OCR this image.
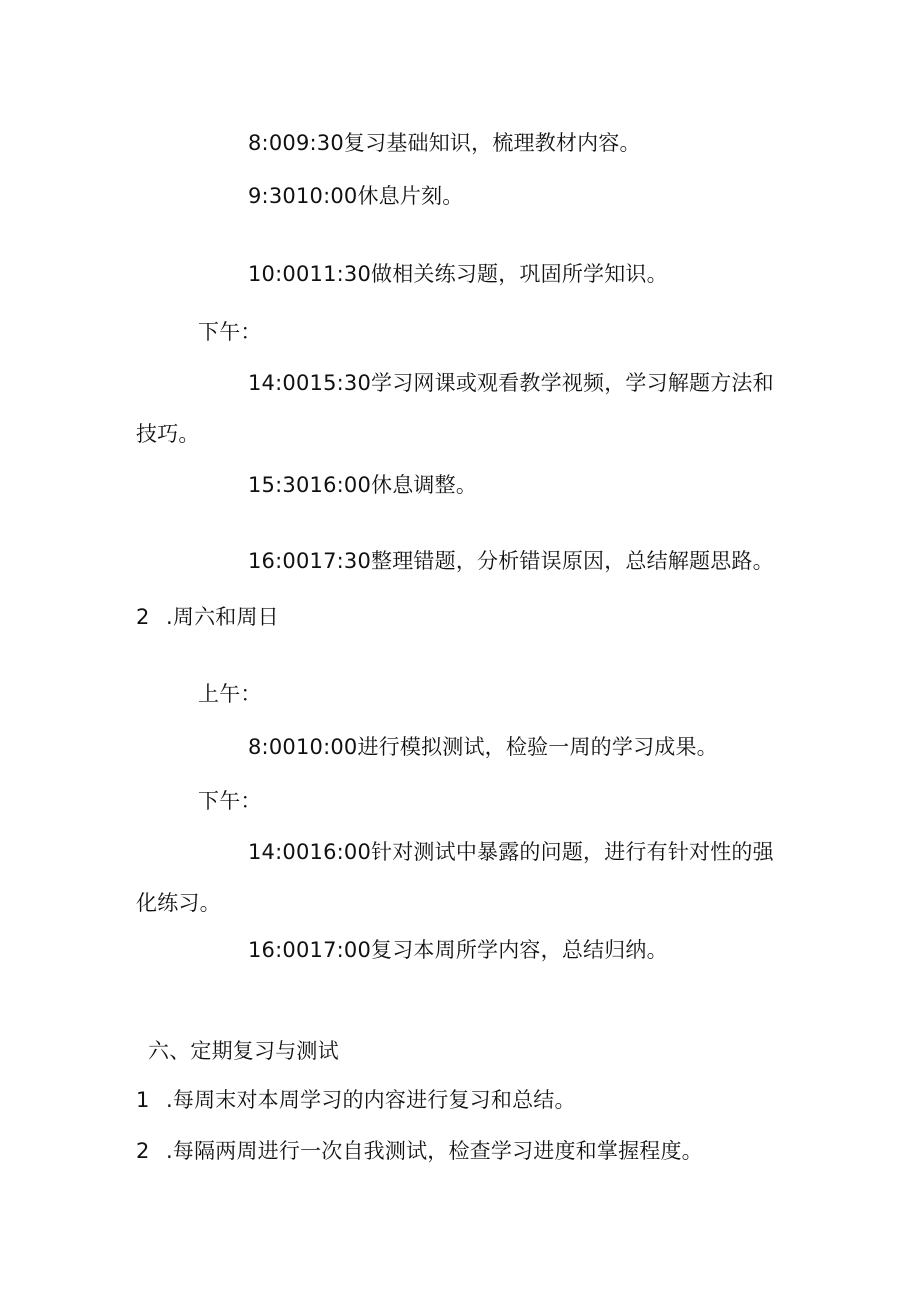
8:009:30复习基础知识，梳理教材内容。
9:3010:00休息片刻。
10:0011:30做相关练习题，巩固所学知识。
下午：
14:0015:30学习网课或观看教学视频，学习解题方法和
技巧。
15:3016:00休息调整。
16:0017:30整理错题，分析错误原因，总结解题思路。
2 .周六和周日
上午：
8:0010:00进行模拟测试，检验一周的学习成果。
下午：
14:0016:00针对测试中暴露的问题，进行有针对性的强
化练习。
16:0017:00复习本周所学内容，总结归纳。
六、定期复习与测试
1 .每周末对本周学习的内容进行复习和总结。
2 .每隔两周进行一次自我测试，检查学习进度和掌握程度。
